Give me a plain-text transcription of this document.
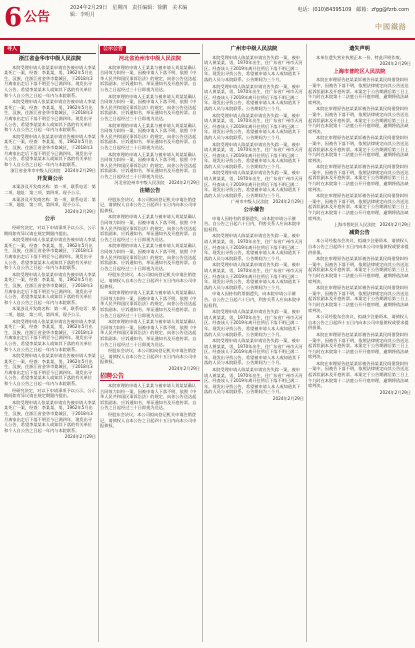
6 公告
2024年2月29日　星期四　责任编辑：徐鹏　美术编辑：李明月
电话：(010)84395109　邮箱：zfgg@fzrb.com
中國鐵路
寻人
浙江省金华市中级人民法院

本院受理申请人张某某申请宣告被申请人李某某死亡一案，经查：李某某，男，1962年5月出生，汉族，住浙江省金华市婺城区，于2018年3月离家出走后下落不明至今已满四年。现发出寻人公告，希望李某某本人或知其下落的有关单位和个人自公告之日起一年内与本院联系。

本院受理申请人张某某申请宣告被申请人李某某死亡一案，经查：李某某，男，1962年5月出生，汉族，住浙江省金华市婺城区，于2018年3月离家出走后下落不明至今已满四年。现发出寻人公告，希望李某某本人或知其下落的有关单位和个人自公告之日起一年内与本院联系。

本院受理申请人张某某申请宣告被申请人李某某死亡一案，经查：李某某，男，1962年5月出生，汉族，住浙江省金华市婺城区，于2018年3月离家出走后下落不明至今已满四年。现发出寻人公告，希望李某某本人或知其下落的有关单位和个人自公告之日起一年内与本院联系。

浙江省金华市中级人民法院　2024年2月29日

开发商公示

本案涉及开发商名称：第一项，联系电话：第二项，地址：第三项，第四项。现予公示。

本案涉及开发商名称：第一项，联系电话：第二项，地址：第三项，第四项。现予公示。

2024年2月29日

公示

经研究决定，对以下申请事项予以公示，公示期间如有异议请在规定期限内提出。

本院受理申请人张某某申请宣告被申请人李某某死亡一案，经查：李某某，男，1962年5月出生，汉族，住浙江省金华市婺城区，于2018年3月离家出走后下落不明至今已满四年。现发出寻人公告，希望李某某本人或知其下落的有关单位和个人自公告之日起一年内与本院联系。

本院受理申请人张某某申请宣告被申请人李某某死亡一案，经查：李某某，男，1962年5月出生，汉族，住浙江省金华市婺城区，于2018年3月离家出走后下落不明至今已满四年。现发出寻人公告，希望李某某本人或知其下落的有关单位和个人自公告之日起一年内与本院联系。

本案涉及开发商名称：第一项，联系电话：第二项，地址：第三项，第四项。现予公示。

本院受理申请人张某某申请宣告被申请人李某某死亡一案，经查：李某某，男，1962年5月出生，汉族，住浙江省金华市婺城区，于2018年3月离家出走后下落不明至今已满四年。现发出寻人公告，希望李某某本人或知其下落的有关单位和个人自公告之日起一年内与本院联系。

本院受理申请人张某某申请宣告被申请人李某某死亡一案，经查：李某某，男，1962年5月出生，汉族，住浙江省金华市婺城区，于2018年3月离家出走后下落不明至今已满四年。现发出寻人公告，希望李某某本人或知其下落的有关单位和个人自公告之日起一年内与本院联系。

经研究决定，对以下申请事项予以公示，公示期间如有异议请在规定期限内提出。

本院受理申请人张某某申请宣告被申请人李某某死亡一案，经查：李某某，男，1962年5月出生，汉族，住浙江省金华市婺城区，于2018年3月离家出走后下落不明至今已满四年。现发出寻人公告，希望李某某本人或知其下落的有关单位和个人自公告之日起一年内与本院联系。

2024年2月29日

公示公告
河北省沧州市中级人民法院

本院审理的申请人王某某与被申请人刘某某确认合同效力纠纷一案，因被申请人下落不明，依照《中华人民共和国民事诉讼法》的规定，向你公告送达起诉状副本、应诉通知书、举证通知书及开庭传票。自公告之日起经过三十日即视为送达。

本院审理的申请人王某某与被申请人刘某某确认合同效力纠纷一案，因被申请人下落不明，依照《中华人民共和国民事诉讼法》的规定，向你公告送达起诉状副本、应诉通知书、举证通知书及开庭传票。自公告之日起经过三十日即视为送达。

本院审理的申请人王某某与被申请人刘某某确认合同效力纠纷一案，因被申请人下落不明，依照《中华人民共和国民事诉讼法》的规定，向你公告送达起诉状副本、应诉通知书、举证通知书及开庭传票。自公告之日起经过三十日即视为送达。

本院审理的申请人王某某与被申请人刘某某确认合同效力纠纷一案，因被申请人下落不明，依照《中华人民共和国民事诉讼法》的规定，向你公告送达起诉状副本、应诉通知书、举证通知书及开庭传票。自公告之日起经过三十日即视为送达。

河北省沧州市中级人民法院　2024年2月29日

注销公告

经股东会决议，本公司拟向登记机关申请注销登记，请债权人自本公告之日起四十五日内向本公司申报债权。

本院审理的申请人王某某与被申请人刘某某确认合同效力纠纷一案，因被申请人下落不明，依照《中华人民共和国民事诉讼法》的规定，向你公告送达起诉状副本、应诉通知书、举证通知书及开庭传票。自公告之日起经过三十日即视为送达。

本院审理的申请人王某某与被申请人刘某某确认合同效力纠纷一案，因被申请人下落不明，依照《中华人民共和国民事诉讼法》的规定，向你公告送达起诉状副本、应诉通知书、举证通知书及开庭传票。自公告之日起经过三十日即视为送达。

经股东会决议，本公司拟向登记机关申请注销登记，请债权人自本公告之日起四十五日内向本公司申报债权。

本院审理的申请人王某某与被申请人刘某某确认合同效力纠纷一案，因被申请人下落不明，依照《中华人民共和国民事诉讼法》的规定，向你公告送达起诉状副本、应诉通知书、举证通知书及开庭传票。自公告之日起经过三十日即视为送达。

本院审理的申请人王某某与被申请人刘某某确认合同效力纠纷一案，因被申请人下落不明，依照《中华人民共和国民事诉讼法》的规定，向你公告送达起诉状副本、应诉通知书、举证通知书及开庭传票。自公告之日起经过三十日即视为送达。

经股东会决议，本公司拟向登记机关申请注销登记，请债权人自本公告之日起四十五日内向本公司申报债权。

2024年2月29日

招聘公告

本院审理的申请人王某某与被申请人刘某某确认合同效力纠纷一案，因被申请人下落不明，依照《中华人民共和国民事诉讼法》的规定，向你公告送达起诉状副本、应诉通知书、举证通知书及开庭传票。自公告之日起经过三十日即视为送达。

经股东会决议，本公司拟向登记机关申请注销登记，请债权人自本公告之日起四十五日内向本公司申报债权。

广州市中级人民法院

本院受理申请人陈某某申请宣告失踪一案，被申请人黄某某，男，1970年出生，住广东省广州市天河区。经查该人于2019年离开住所后下落不明已满二年。现发出寻找公告，希望被申请人本人或知道其下落的人员与本院联系。公告期间为三个月。

本院受理申请人陈某某申请宣告失踪一案，被申请人黄某某，男，1970年出生，住广东省广州市天河区。经查该人于2019年离开住所后下落不明已满二年。现发出寻找公告，希望被申请人本人或知道其下落的人员与本院联系。公告期间为三个月。

本院受理申请人陈某某申请宣告失踪一案，被申请人黄某某，男，1970年出生，住广东省广州市天河区。经查该人于2019年离开住所后下落不明已满二年。现发出寻找公告，希望被申请人本人或知道其下落的人员与本院联系。公告期间为三个月。

本院受理申请人陈某某申请宣告失踪一案，被申请人黄某某，男，1970年出生，住广东省广州市天河区。经查该人于2019年离开住所后下落不明已满二年。现发出寻找公告，希望被申请人本人或知道其下落的人员与本院联系。公告期间为三个月。

本院受理申请人陈某某申请宣告失踪一案，被申请人黄某某，男，1970年出生，住广东省广州市天河区。经查该人于2019年离开住所后下落不明已满二年。现发出寻找公告，希望被申请人本人或知道其下落的人员与本院联系。公告期间为三个月。

广州市中级人民法院　2024年2月29日

公示催告

申请人因持有的票据遗失，向本院申请公示催告。自公告之日起六十日内，利害关系人应向本院申报权利。

本院受理申请人陈某某申请宣告失踪一案，被申请人黄某某，男，1970年出生，住广东省广州市天河区。经查该人于2019年离开住所后下落不明已满二年。现发出寻找公告，希望被申请人本人或知道其下落的人员与本院联系。公告期间为三个月。

本院受理申请人陈某某申请宣告失踪一案，被申请人黄某某，男，1970年出生，住广东省广州市天河区。经查该人于2019年离开住所后下落不明已满二年。现发出寻找公告，希望被申请人本人或知道其下落的人员与本院联系。公告期间为三个月。

申请人因持有的票据遗失，向本院申请公示催告。自公告之日起六十日内，利害关系人应向本院申报权利。

本院受理申请人陈某某申请宣告失踪一案，被申请人黄某某，男，1970年出生，住广东省广州市天河区。经查该人于2019年离开住所后下落不明已满二年。现发出寻找公告，希望被申请人本人或知道其下落的人员与本院联系。公告期间为三个月。

本院受理申请人陈某某申请宣告失踪一案，被申请人黄某某，男，1970年出生，住广东省广州市天河区。经查该人于2019年离开住所后下落不明已满二年。现发出寻找公告，希望被申请人本人或知道其下落的人员与本院联系。公告期间为三个月。

本院受理申请人陈某某申请宣告失踪一案，被申请人黄某某，男，1970年出生，住广东省广州市天河区。经查该人于2019年离开住所后下落不明已满二年。现发出寻找公告，希望被申请人本人或知道其下落的人员与本院联系。公告期间为三个月。

2024年2月29日

遗失声明

本单位遗失营业执照正本一份，特此声明作废。

2024年2月29日

上海市普陀区人民法院

本院在审理原告赵某某诉被告孙某某民间借贷纠纷一案中，因被告下落不明，依照法律规定向其公告送达起诉状副本及开庭传票。本案定于公告期满后第三日上午九时在本院第十二法庭公开开庭审理，逾期将依法缺席判决。

本院在审理原告赵某某诉被告孙某某民间借贷纠纷一案中，因被告下落不明，依照法律规定向其公告送达起诉状副本及开庭传票。本案定于公告期满后第三日上午九时在本院第十二法庭公开开庭审理，逾期将依法缺席判决。

本院在审理原告赵某某诉被告孙某某民间借贷纠纷一案中，因被告下落不明，依照法律规定向其公告送达起诉状副本及开庭传票。本案定于公告期满后第三日上午九时在本院第十二法庭公开开庭审理，逾期将依法缺席判决。

本院在审理原告赵某某诉被告孙某某民间借贷纠纷一案中，因被告下落不明，依照法律规定向其公告送达起诉状副本及开庭传票。本案定于公告期满后第三日上午九时在本院第十二法庭公开开庭审理，逾期将依法缺席判决。

本院在审理原告赵某某诉被告孙某某民间借贷纠纷一案中，因被告下落不明，依照法律规定向其公告送达起诉状副本及开庭传票。本案定于公告期满后第三日上午九时在本院第十二法庭公开开庭审理，逾期将依法缺席判决。

上海市普陀区人民法院　2024年2月29日

减资公告

本公司经股东会决议，拟减少注册资本，请债权人自本公告之日起四十五日内向本公司申报债权或要求提供担保。

本院在审理原告赵某某诉被告孙某某民间借贷纠纷一案中，因被告下落不明，依照法律规定向其公告送达起诉状副本及开庭传票。本案定于公告期满后第三日上午九时在本院第十二法庭公开开庭审理，逾期将依法缺席判决。

本院在审理原告赵某某诉被告孙某某民间借贷纠纷一案中，因被告下落不明，依照法律规定向其公告送达起诉状副本及开庭传票。本案定于公告期满后第三日上午九时在本院第十二法庭公开开庭审理，逾期将依法缺席判决。

本公司经股东会决议，拟减少注册资本，请债权人自本公告之日起四十五日内向本公司申报债权或要求提供担保。

本院在审理原告赵某某诉被告孙某某民间借贷纠纷一案中，因被告下落不明，依照法律规定向其公告送达起诉状副本及开庭传票。本案定于公告期满后第三日上午九时在本院第十二法庭公开开庭审理，逾期将依法缺席判决。

本院在审理原告赵某某诉被告孙某某民间借贷纠纷一案中，因被告下落不明，依照法律规定向其公告送达起诉状副本及开庭传票。本案定于公告期满后第三日上午九时在本院第十二法庭公开开庭审理，逾期将依法缺席判决。

2024年2月29日
